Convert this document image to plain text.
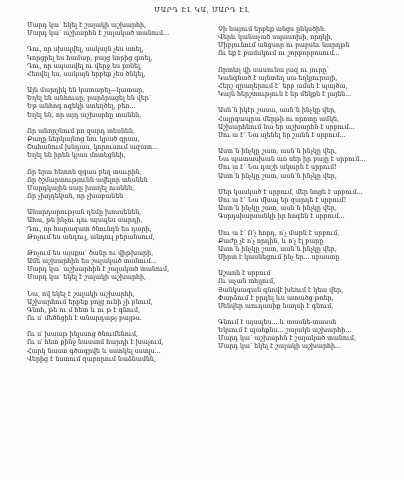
ՄԱՐԴ ԷԼ ԿԱ, ՄԱՐԴ ԷԼ
Մարդ կա՝ եկել է շալակի աշխարհի,
Մարդ կա՝ աշխարհն է շալակած տանում...
Դու, որ սխալվել, սակայն չես ստել,
Կորցրել ես համար, բայց նորից գտել,
Դու, որ սպասվել ու վերջ ես բռնել,
Հեռվել ես, սակայն երբեք չես ծնկել,
Այն մարդիկ են կատարել—կատար,
Եղել են անհուսը, բարձրացել են վեր՝
Եթ անհոգ ոգեկի ստեղծել, բեռ...
Եղել են, որ այդ աշխարհը տանեն,
Որ անորշնում րո զարդ տեսնեն,
Քաղը ներկայնոց նու կրած զրաս,
Շահանում խնդաս, կորուսում ազատ...
Եղել են իրեն կյաս մոտեցնեի,
Որ երա հետոն զգաս բեզ տաւրին,
Որ ծշմարտությունն ավելոր տեսնեն
Մարդկային սաը խաղել ուսնեն,
Որ չխղդեկան, որ չխաբանեն
Անարդարության դեմը խոսսենեն,
Ահա, թե ինչու դու այսպես սարդի,
Դու, որ հարազատ ծնունդն ես դարի,
Թռչում ես անդուլ, անդուլ բերանսում,
Թռչում ես այսքա՝ ծանր ու վիթխարի,
Ամե աշխարհին ես շալակած տանում...
Մարդ կա՝ աշխարհին է շալակած տանում,
Մարդ կա՝ եկել է շալակի աշխարհի,
Նա, ով եկել է շալակի աշխարհի,
Աշխարհում երբեք բոլց ունի չի բնում,
Գնոհ, թե ու մ հետ և ու թ է գնում,
Ու ս՛ մեծնցին է անարդաթյ բայթս.
Ու ս՛ խաաթ ինլսսոց ծնումենում,
Ու ս՛ հետ քինջ նասսոմ հարդի է խաչում,
Հարկ նաստ գծագրվե և սստկել սստլս...
Վերից է նստում զաբորում նաձնամնն,
Չի նայում երբեք անցս ընկսծին.
Վերև կանաչած սպասոխի, որդկի,
Միբյունում անցսոր ու բաբսեւ նարդթն
Ու եք է բամսկում ու շորբորբոսում...
Որտեղ վի սասունա լազ ու յուրը՝
Կանգնած է այնտեղ սա եղկյուրայի,
Հերշ զրաղերում է՝ երբ ամսե է պայծա,
Կայն հերշտություն է եր մեկքն է լայեն...
Ասն՝ն իկէր շասա, ասն՝ն ինչկը վեր,
Հայրգապրա մերթի ու որոտը ամկե,
Աշխարհնում նա եր աշխարհն է սրբում...
Սու ա է՝ Նա սլենել եր շանն է սրբում...
Աստ՝ն ինչկը շատ, ասն՝ն ինչկը վեր,
Նա պատասխան առ սեր իր բայը է սրբում...
Սու ա է՝ Նա դաշի ակարն է սրբում!
Աստ՝ն ինչկը շատ, ասն՝ն ինչկը վեր,
Մեր կասկած է սրբում, մեր նոցե է սրբում...
Սու ա է՝ Նա մխալ եր զարդե է սրբում!
Աստ՝ն ինչկը շատ, ասն՝ն ինչկը վեր,
Գսրդսիարսանկի իր հոգեն է սրբում...
Սու ա է՝ Ո՛չ հորդ, ո՛չ մարն է սրբում,
Քաժը չէ ո՛չ որդին, և ո՛չ էլ բարը
Աստ՝ն ինչկը շատ, ասն՝ն ինչկը վեր,
Սիրտ է կասնեցում ինչ եր... սբաստը
Աշաոն է սրբում
Ու աչան տհյլում,
Յանկսագան գնովէ խեում է կեա վեր,
Փարձում է բրդել ևս ատածց թոեր,
Սենվեր աուդասիք նաղսի է գնում,
Գնում է այսպես... և տասնե-տասսե
Եկսում է պահքնս... շալակն աշխարհի...
Մարդ կա՝ աշխարհն է շալակած տանում,
Մարդ կա՝ եկել է շալակի աշխարհի...
